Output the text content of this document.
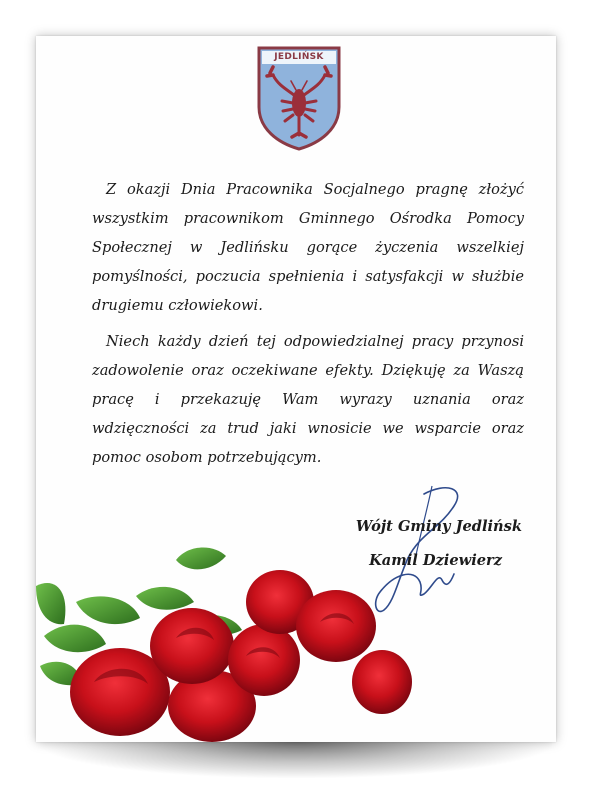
JEDLIŃSK

Z okazji Dnia Pracownika Socjalnego pragnę złożyć wszystkim pracownikom Gminnego Ośrodka Pomocy Społecznej w Jedlińsku gorące życzenia wszelkiej pomyślności, poczucia spełnienia i satysfakcji w służbie drugiemu człowiekowi.

Niech każdy dzień tej odpowiedzialnej pracy przynosi zadowolenie oraz oczekiwane efekty. Dziękuję za Waszą pracę i przekazuję Wam wyrazy uznania oraz wdzięczności za trud jaki wnosicie we wsparcie oraz pomoc osobom potrzebującym.

Wójt Gminy Jedlińsk
Kamil Dziewierz
